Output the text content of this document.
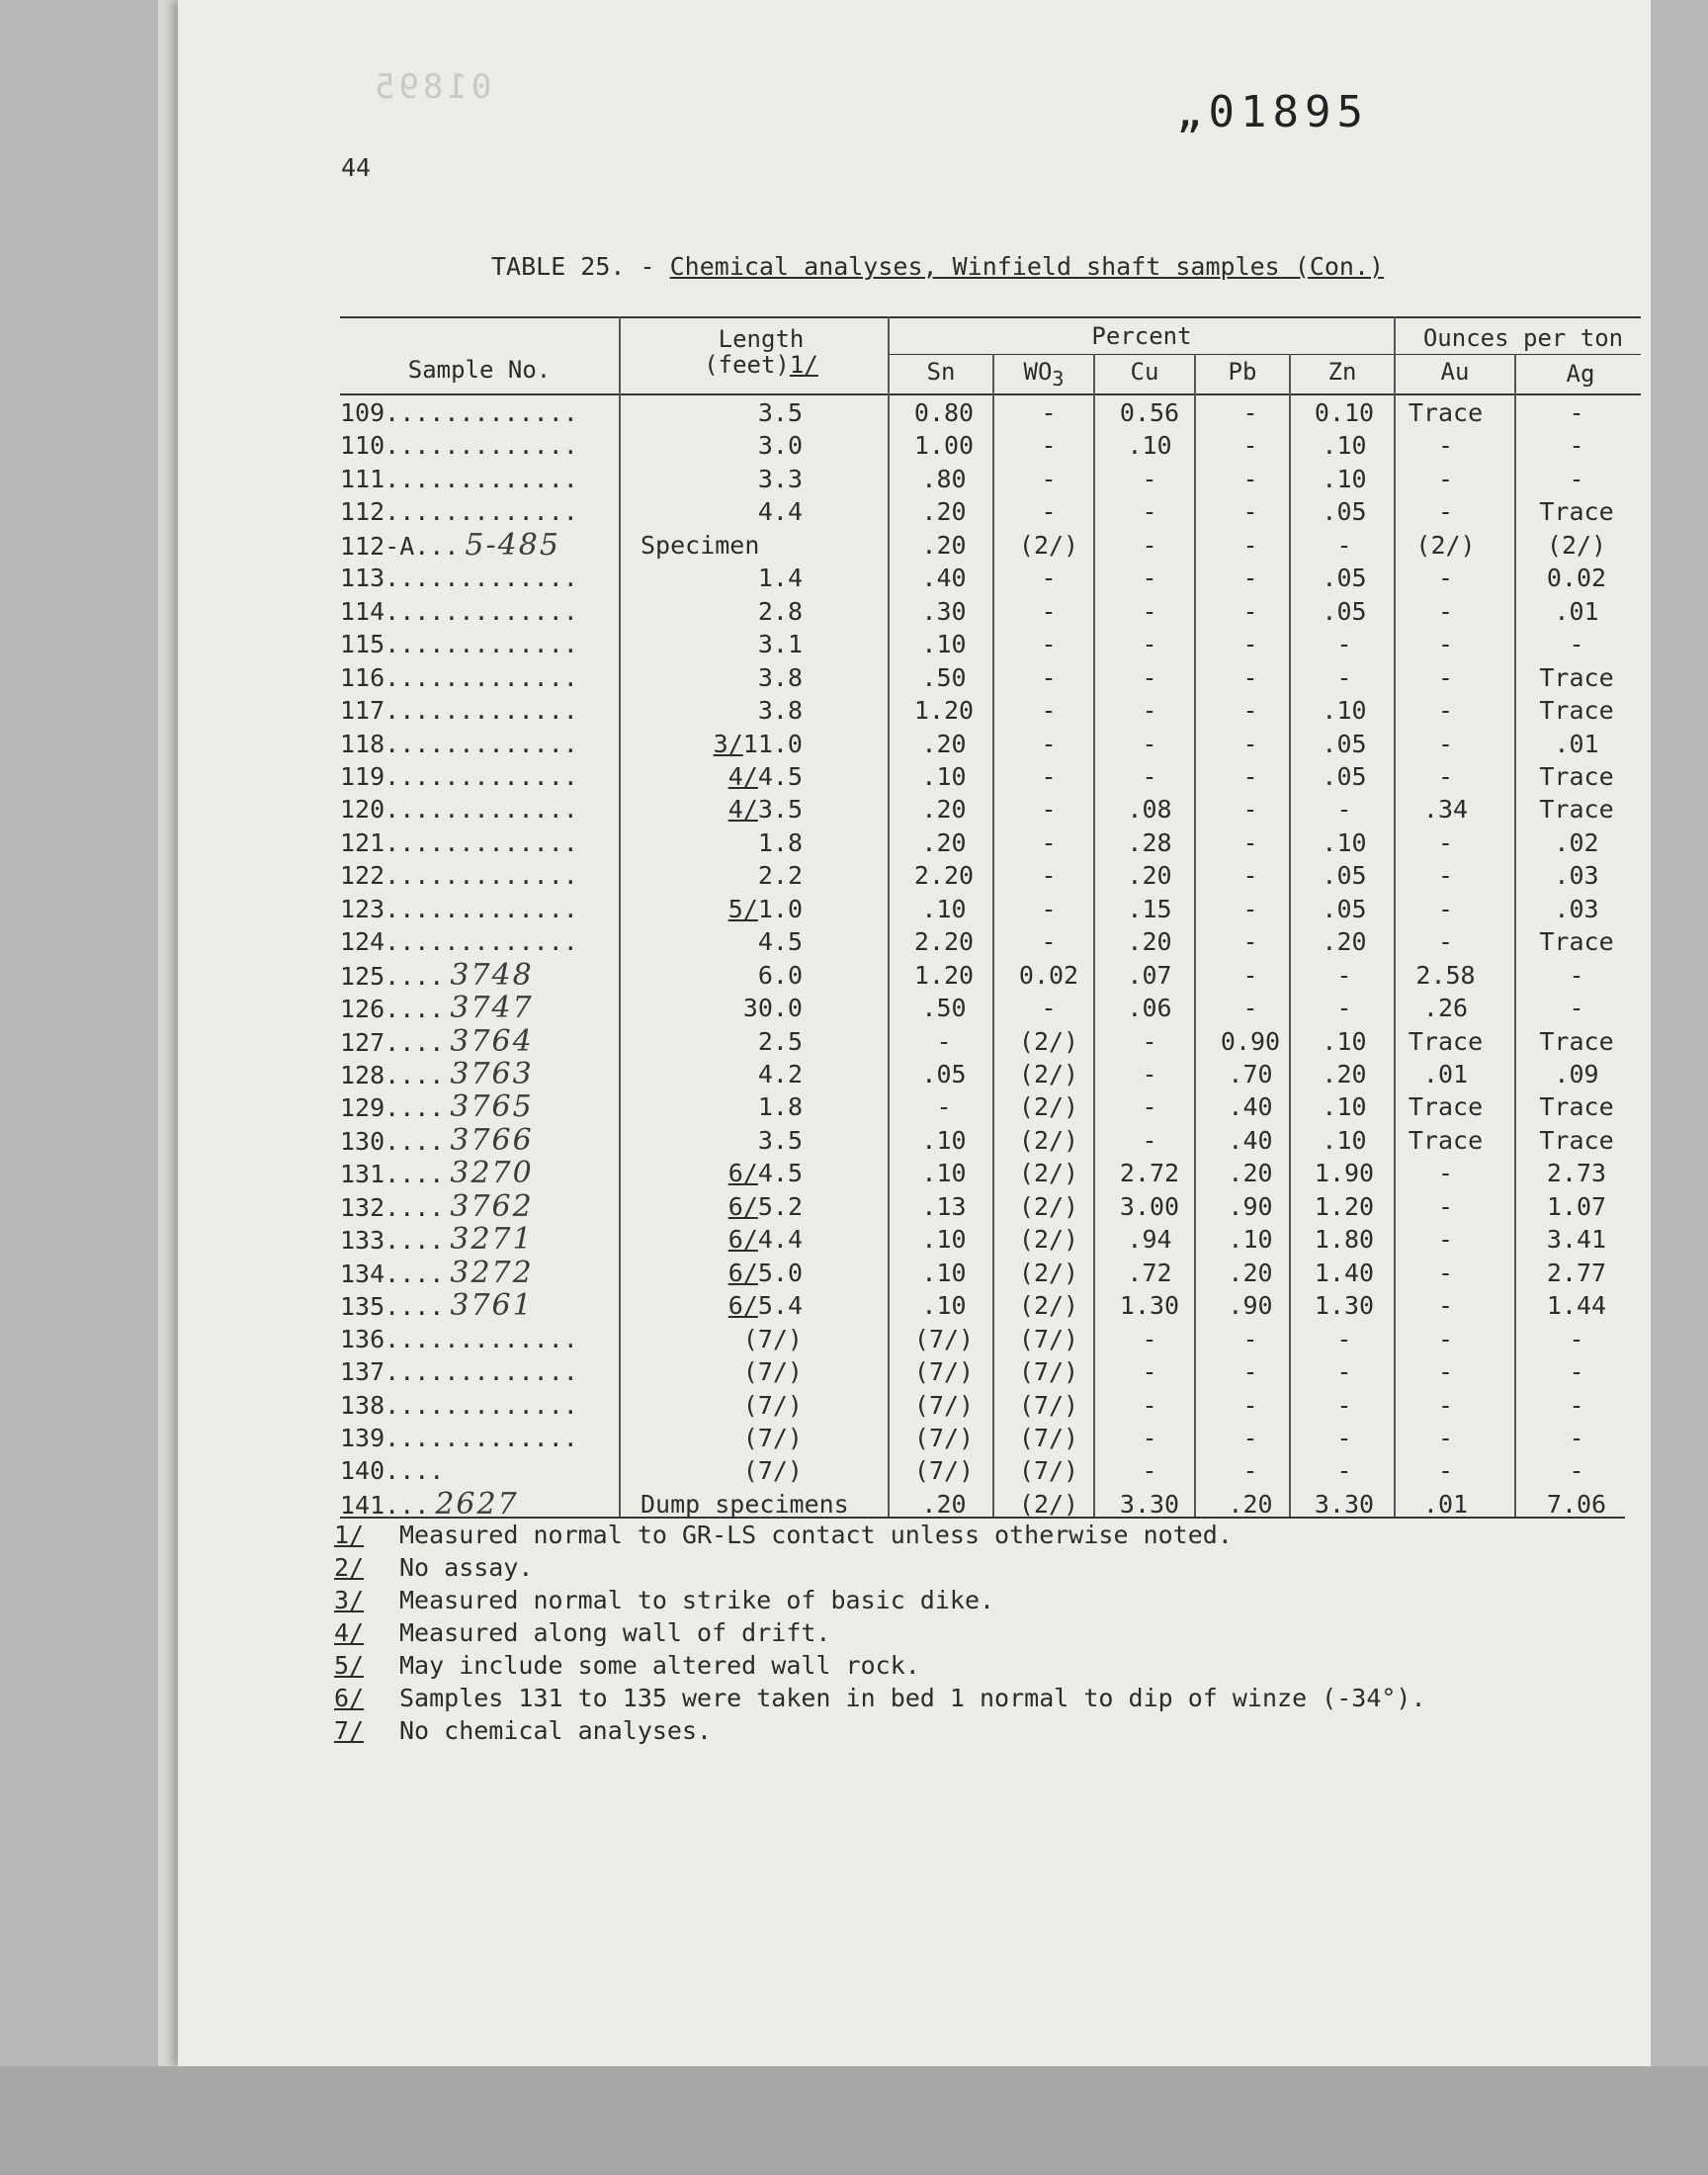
01895	„01895
44
TABLE 25. - Chemical analyses, Winfield shaft samples (Con.)
Sample No.
Length
(feet)1/
Percent	Ounces per ton
Sn	$WO_3$	Cu	Pb	Zn	Au	Ag
109.............	3.5	0.80	-	0.56	-	0.10	Trace	-
110.............	3.0	1.00	-	.10	-	.10	-	-
111.............	3.3	.80	-	-	-	.10	-	-
112.............	4.4	.20	-	-	-	.05	-	Trace
112-A... 5-485	Specimen	.20	(2/)	-	-	-	(2/)	(2/)
113.............	1.4	.40	-	-	-	.05	-	0.02
114.............	2.8	.30	-	-	-	.05	-	.01
115.............	3.1	.10	-	-	-	-	-	-
116.............	3.8	.50	-	-	-	-	-	Trace
117.............	3.8	1.20	-	-	-	.10	-	Trace
118.............	3/11.0	.20	-	-	-	.05	-	.01
119.............	4/4.5	.10	-	-	-	.05	-	Trace
120.............	4/3.5	.20	-	.08	-	-	.34	Trace
121.............	1.8	.20	-	.28	-	.10	-	.02
122.............	2.2	2.20	-	.20	-	.05	-	.03
123.............	5/1.0	.10	-	.15	-	.05	-	.03
124.............	4.5	2.20	-	.20	-	.20	-	Trace
125.... 3748	6.0	1.20	0.02	.07	-	-	2.58	-
126.... 3747	30.0	.50	-	.06	-	-	.26	-
127.... 3764	2.5	-	(2/)	-	0.90	.10	Trace	Trace
128.... 3763	4.2	.05	(2/)	-	.70	.20	.01	.09
129.... 3765	1.8	-	(2/)	-	.40	.10	Trace	Trace
130.... 3766	3.5	.10	(2/)	-	.40	.10	Trace	Trace
131.... 3270	6/4.5	.10	(2/)	2.72	.20	1.90	-	2.73
132.... 3762	6/5.2	.13	(2/)	3.00	.90	1.20	-	1.07
133.... 3271	6/4.4	.10	(2/)	.94	.10	1.80	-	3.41
134.... 3272	6/5.0	.10	(2/)	.72	.20	1.40	-	2.77
135.... 3761	6/5.4	.10	(2/)	1.30	.90	1.30	-	1.44
136.............	(7/)	(7/)	(7/)	-	-	-	-	-
137.............	(7/)	(7/)	(7/)	-	-	-	-	-
138.............	(7/)	(7/)	(7/)	-	-	-	-	-
139.............	(7/)	(7/)	(7/)	-	-	-	-	-
140....	(7/)	(7/)	(7/)	-	-	-	-	-
141... 2627	Dump specimens	.20	(2/)	3.30	.20	3.30	.01	7.06
1/ Measured normal to GR-LS contact unless otherwise noted.
2/ No assay.
3/ Measured normal to strike of basic dike.
4/ Measured along wall of drift.
5/ May include some altered wall rock.
6/ Samples 131 to 135 were taken in bed 1 normal to dip of winze (-34°).
7/ No chemical analyses.
